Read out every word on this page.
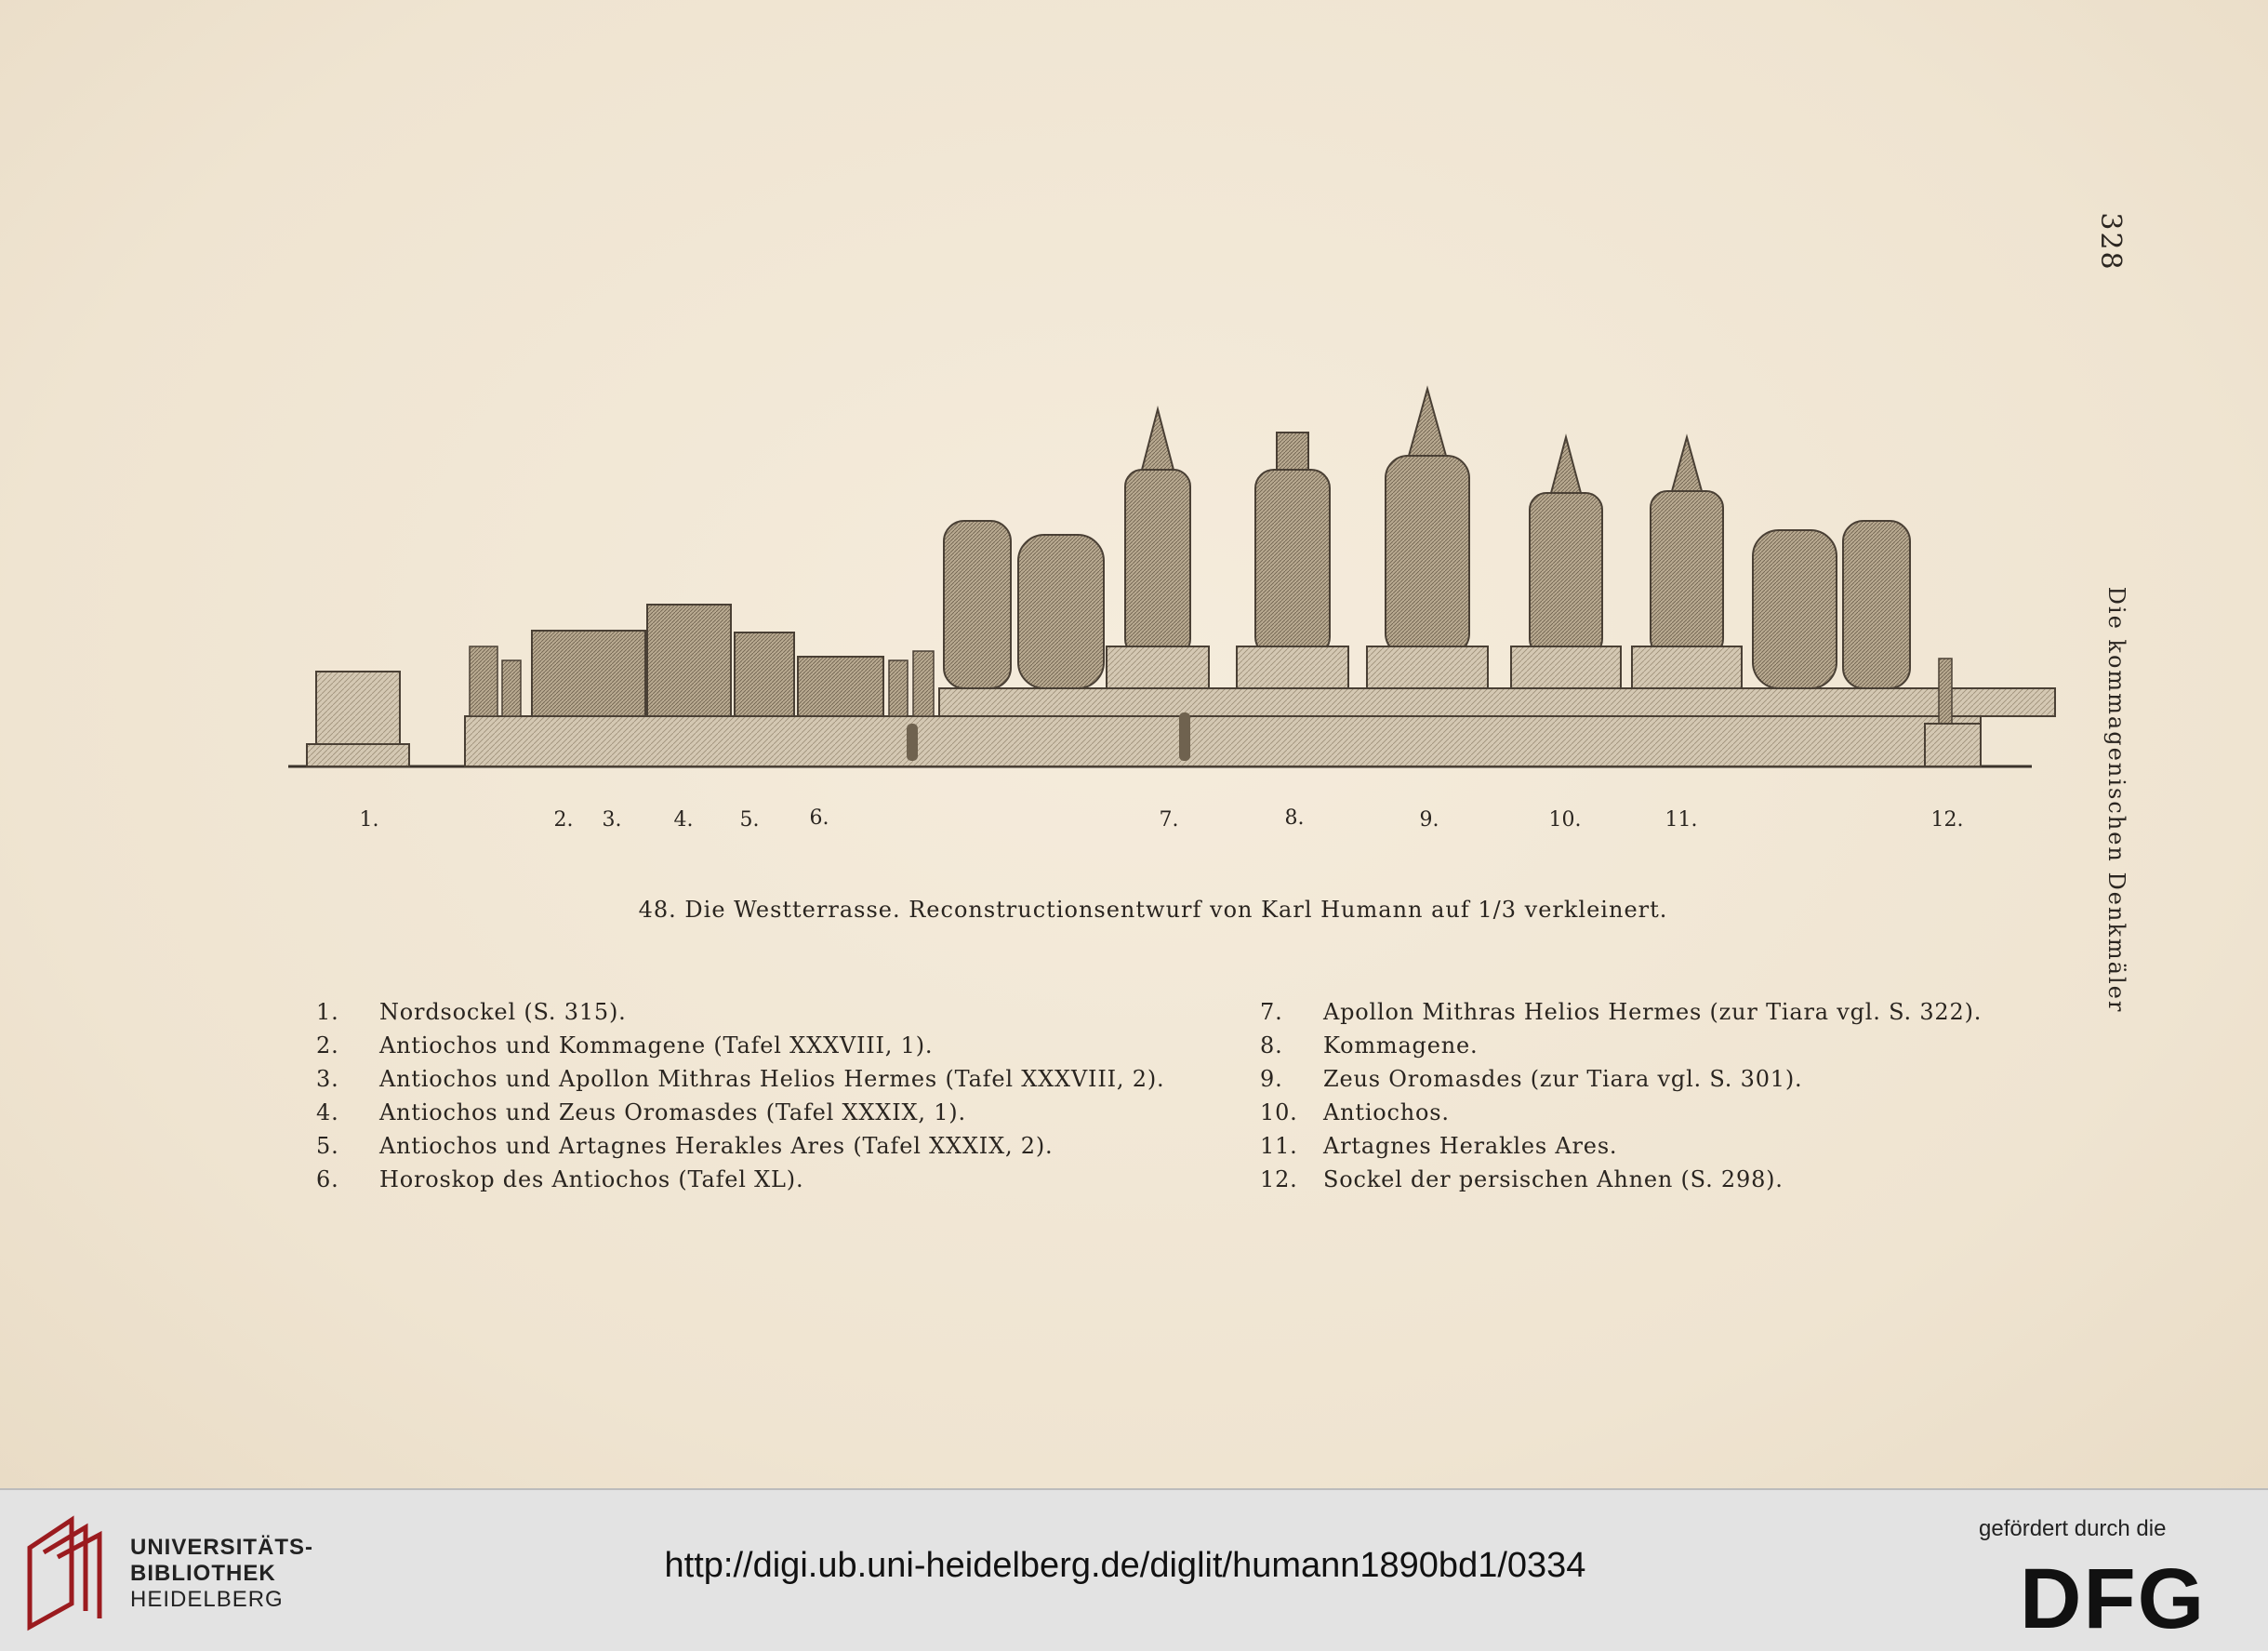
328
Die kommagenischen Denkmäler
1.	2. 3.	4. 5. 6.	7.	8.	9.	10.	11.	12.
48. Die Westterrasse. Reconstructionsentwurf von Karl Humann auf 1/3 verkleinert.
1.	Nordsockel (S. 315).
2.	Antiochos und Kommagene (Tafel XXXVIII, 1).
3.	Antiochos und Apollon Mithras Helios Hermes (Tafel XXXVIII, 2).
4.	Antiochos und Zeus Oromasdes (Tafel XXXIX, 1).
5.	Antiochos und Artagnes Herakles Ares (Tafel XXXIX, 2).
6.	Horoskop des Antiochos (Tafel XL).
7.	Apollon Mithras Helios Hermes (zur Tiara vgl. S. 322).
8.	Kommagene.
9.	Zeus Oromasdes (zur Tiara vgl. S. 301).
10.	Antiochos.
11.	Artagnes Herakles Ares.
12.	Sockel der persischen Ahnen (S. 298).
UNIVERSITÄTS-
BIBLIOTHEK
HEIDELBERG
http://digi.ub.uni-heidelberg.de/diglit/humann1890bd1/0334
gefördert durch die
DFG
